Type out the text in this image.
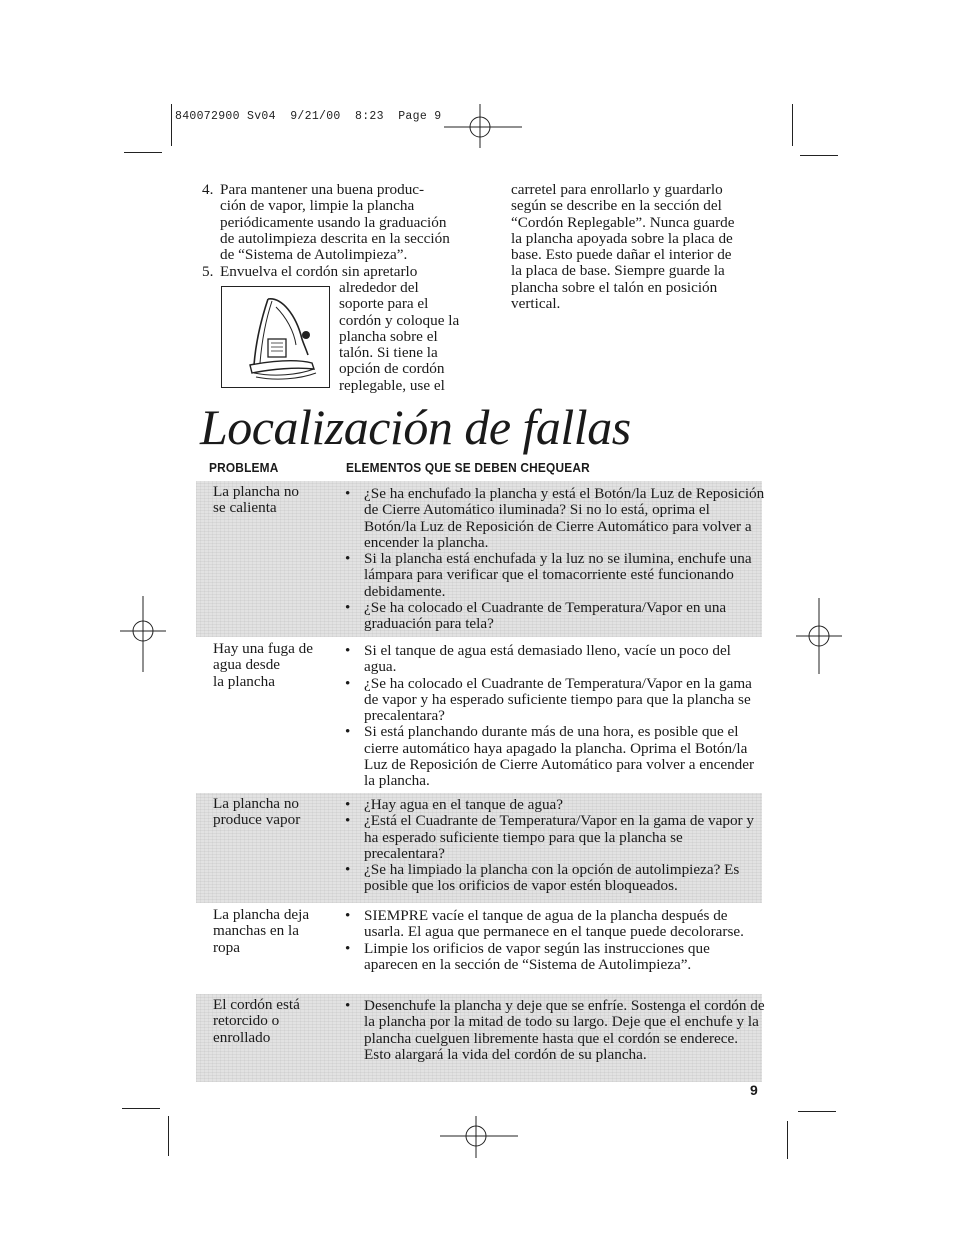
840072900 Sv04  9/21/00  8:23  Page 9
4. Para mantener una buena produc-
ción de vapor, limpie la plancha
periódicamente usando la graduación
de autolimpieza descrita en la sección
de “Sistema de Autolimpieza”.
5. Envuelva el cordón sin apretarlo
alrededor del
soporte para el
cordón y coloque la
plancha sobre el
talón. Si tiene la
opción de cordón
replegable, use el
carretel para enrollarlo y guardarlo
según se describe en la sección del
“Cordón Replegable”. Nunca guarde
la plancha apoyada sobre la placa de
base. Esto puede dañar el interior de
la placa de base. Siempre guarde la
plancha sobre el talón en posición
vertical.
Localización de fallas
PROBLEMA	ELEMENTOS QUE SE DEBEN CHEQUEAR
La plancha no
se calienta
• ¿Se ha enchufado la plancha y está el Botón/la Luz de Reposición de Cierre Automático iluminada? Si no lo está, oprima el Botón/la Luz de Reposición de Cierre Automático para volver a encender la plancha.
• Si la plancha está enchufada y la luz no se ilumina, enchufe una lámpara para verificar que el tomacorriente esté funcionando debidamente.
• ¿Se ha colocado el Cuadrante de Temperatura/Vapor en una graduación para tela?
Hay una fuga de
agua desde
la plancha
• Si el tanque de agua está demasiado lleno, vacíe un poco del agua.
• ¿Se ha colocado el Cuadrante de Temperatura/Vapor en la gama de vapor y ha esperado suficiente tiempo para que la plancha se precalentara?
• Si está planchando durante más de una hora, es posible que el cierre automático haya apagado la plancha. Oprima el Botón/la Luz de Reposición de Cierre Automático para volver a encender la plancha.
La plancha no
produce vapor
• ¿Hay agua en el tanque de agua?
• ¿Está el Cuadrante de Temperatura/Vapor en la gama de vapor y ha esperado suficiente tiempo para que la plancha se precalentara?
• ¿Se ha limpiado la plancha con la opción de autolimpieza? Es posible que los orificios de vapor estén bloqueados.
La plancha deja
manchas en la
ropa
• SIEMPRE vacíe el tanque de agua de la plancha después de usarla. El agua que permanece en el tanque puede decolorarse.
• Limpie los orificios de vapor según las instrucciones que aparecen en la sección de “Sistema de Autolimpieza”.
El cordón está
retorcido o
enrollado
• Desenchufe la plancha y deje que se enfríe. Sostenga el cordón de la plancha por la mitad de todo su largo. Deje que el enchufe y la plancha cuelguen libremente hasta que el cordón se enderece. Esto alargará la vida del cordón de su plancha.
9
